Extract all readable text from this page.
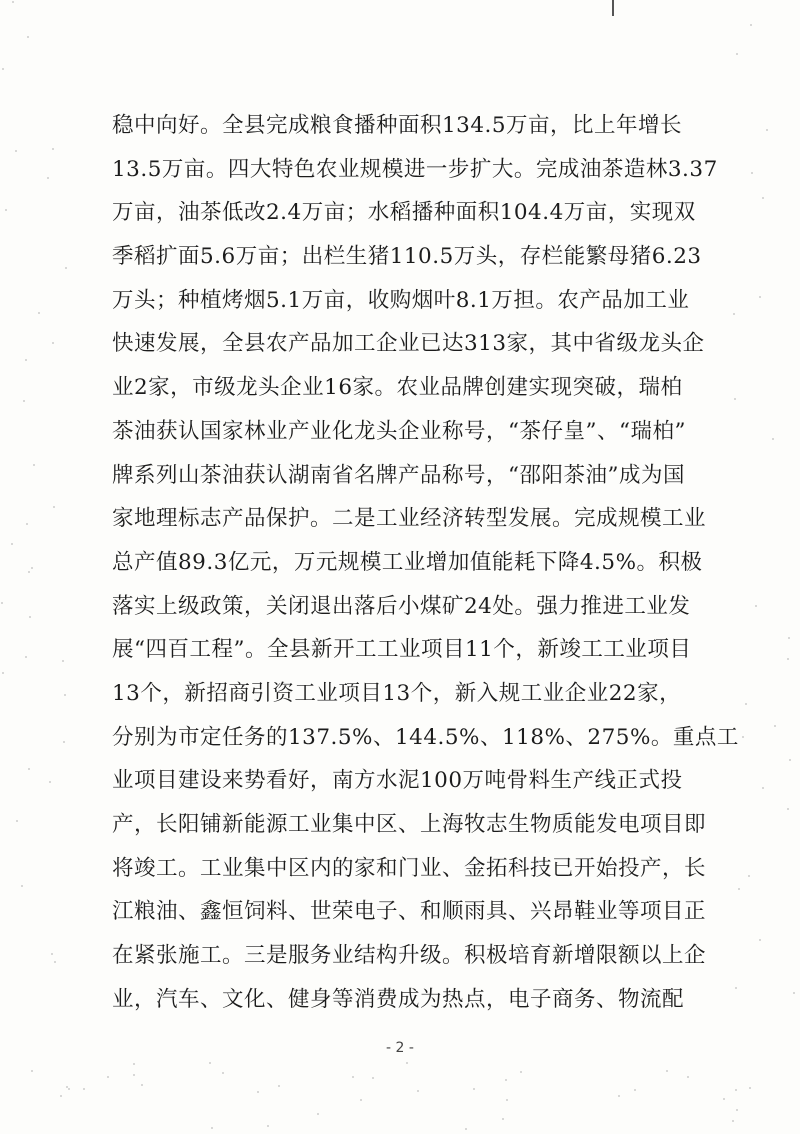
稳中向好。全县完成粮食播种面积134.5万亩，比上年增长
13.5万亩。四大特色农业规模进一步扩大。完成油茶造林3.37
万亩，油茶低改2.4万亩；水稻播种面积104.4万亩，实现双
季稻扩面5.6万亩；出栏生猪110.5万头，存栏能繁母猪6.23
万头；种植烤烟5.1万亩，收购烟叶8.1万担。农产品加工业
快速发展，全县农产品加工企业已达313家，其中省级龙头企
业2家，市级龙头企业16家。农业品牌创建实现突破，瑞柏
茶油获认国家林业产业化龙头企业称号，“茶仔皇”、“瑞柏”
牌系列山茶油获认湖南省名牌产品称号，“邵阳茶油”成为国
家地理标志产品保护。二是工业经济转型发展。完成规模工业
总产值89.3亿元，万元规模工业增加值能耗下降4.5%。积极
落实上级政策，关闭退出落后小煤矿24处。强力推进工业发
展“四百工程”。全县新开工工业项目11个，新竣工工业项目
13个，新招商引资工业项目13个，新入规工业企业22家，
分别为市定任务的137.5%、144.5%、118%、275%。重点工
业项目建设来势看好，南方水泥100万吨骨料生产线正式投
产，长阳铺新能源工业集中区、上海牧志生物质能发电项目即
将竣工。工业集中区内的家和门业、金拓科技已开始投产，长
江粮油、鑫恒饲料、世荣电子、和顺雨具、兴昂鞋业等项目正
在紧张施工。三是服务业结构升级。积极培育新增限额以上企
业，汽车、文化、健身等消费成为热点，电子商务、物流配
- 2 -
